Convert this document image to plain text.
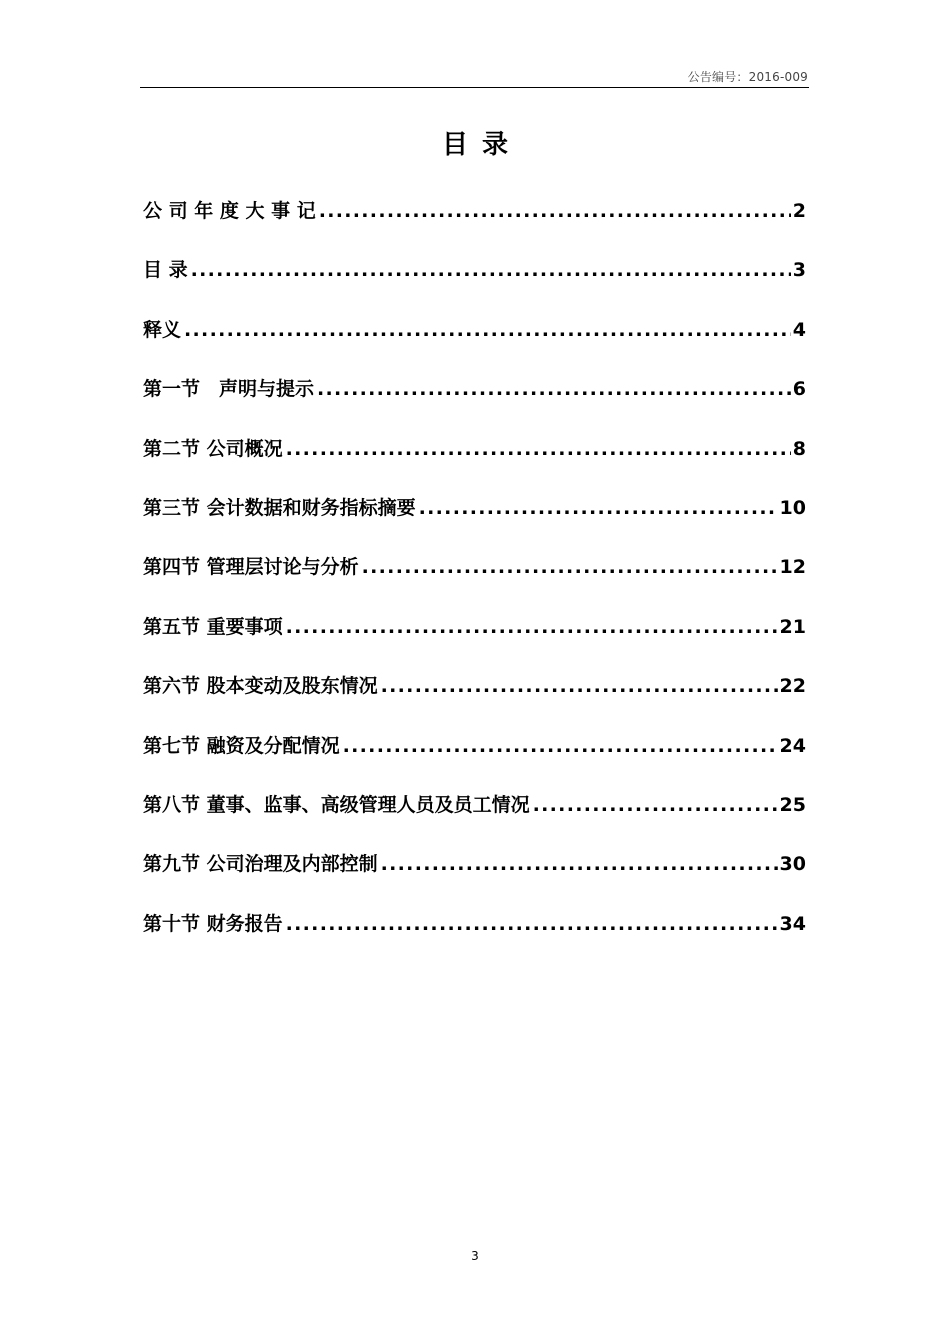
公告编号：2016-009
目录
公 司 年 度 大 事 记 .....	2
目 录 .....	3
释义 .....	4
第一节　声明与提示 .....	6
第二节 公司概况 .....	8
第三节 会计数据和财务指标摘要 .....	10
第四节 管理层讨论与分析 .....	12
第五节 重要事项 .....	21
第六节 股本变动及股东情况 .....	22
第七节 融资及分配情况 .....	24
第八节 董事、监事、高级管理人员及员工情况 .....	25
第九节 公司治理及内部控制 .....	30
第十节 财务报告 .....	34
3
